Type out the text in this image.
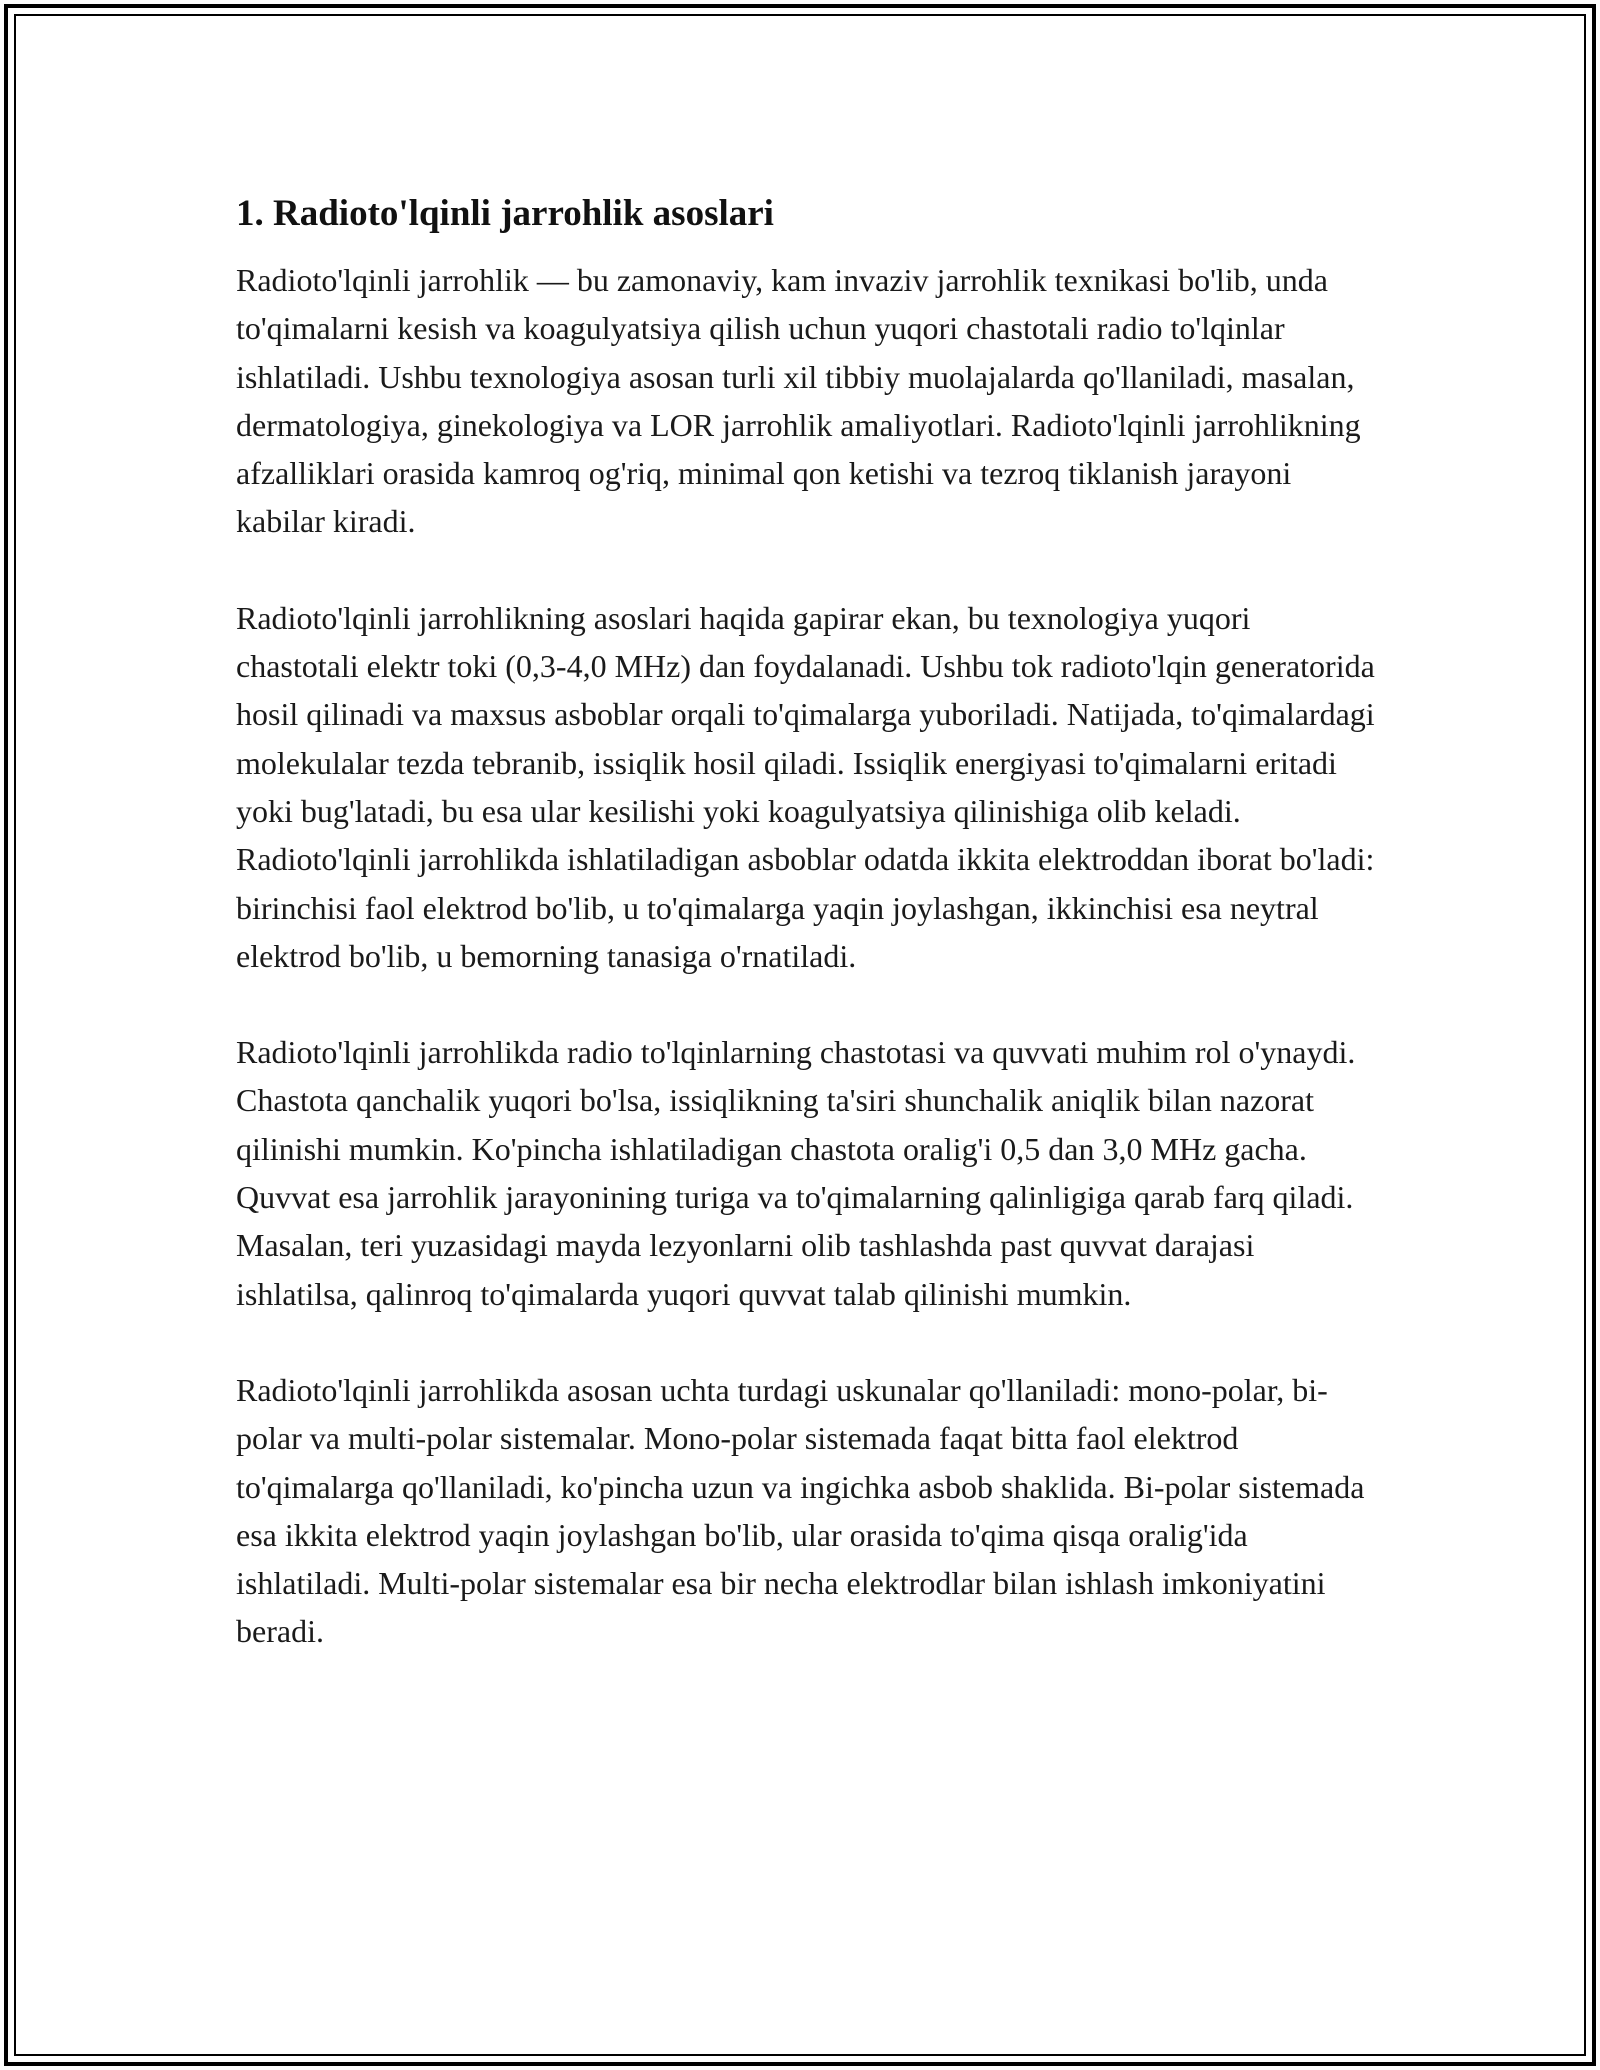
1. Radioto'lqinli jarrohlik asoslari

Radioto'lqinli jarrohlik — bu zamonaviy, kam invaziv jarrohlik texnikasi bo'lib, unda to'qimalarni kesish va koagulyatsiya qilish uchun yuqori chastotali radio to'lqinlar ishlatiladi. Ushbu texnologiya asosan turli xil tibbiy muolajalarda qo'llaniladi, masalan, dermatologiya, ginekologiya va LOR jarrohlik amaliyotlari. Radioto'lqinli jarrohlikning afzalliklari orasida kamroq og'riq, minimal qon ketishi va tezroq tiklanish jarayoni kabilar kiradi.

Radioto'lqinli jarrohlikning asoslari haqida gapirar ekan, bu texnologiya yuqori chastotali elektr toki (0,3-4,0 MHz) dan foydalanadi. Ushbu tok radioto'lqin generatorida hosil qilinadi va maxsus asboblar orqali to'qimalarga yuboriladi. Natijada, to'qimalardagi molekulalar tezda tebranib, issiqlik hosil qiladi. Issiqlik energiyasi to'qimalarni eritadi yoki bug'latadi, bu esa ular kesilishi yoki koagulyatsiya qilinishiga olib keladi. Radioto'lqinli jarrohlikda ishlatiladigan asboblar odatda ikkita elektroddan iborat bo'ladi: birinchisi faol elektrod bo'lib, u to'qimalarga yaqin joylashgan, ikkinchisi esa neytral elektrod bo'lib, u bemorning tanasiga o'rnatiladi.

Radioto'lqinli jarrohlikda radio to'lqinlarning chastotasi va quvvati muhim rol o'ynaydi. Chastota qanchalik yuqori bo'lsa, issiqlikning ta'siri shunchalik aniqlik bilan nazorat qilinishi mumkin. Ko'pincha ishlatiladigan chastota oralig'i 0,5 dan 3,0 MHz gacha. Quvvat esa jarrohlik jarayonining turiga va to'qimalarning qalinligiga qarab farq qiladi. Masalan, teri yuzasidagi mayda lezyonlarni olib tashlashda past quvvat darajasi ishlatilsa, qalinroq to'qimalarda yuqori quvvat talab qilinishi mumkin.

Radioto'lqinli jarrohlikda asosan uchta turdagi uskunalar qo'llaniladi: mono-polar, bi-polar va multi-polar sistemalar. Mono-polar sistemada faqat bitta faol elektrod to'qimalarga qo'llaniladi, ko'pincha uzun va ingichka asbob shaklida. Bi-polar sistemada esa ikkita elektrod yaqin joylashgan bo'lib, ular orasida to'qima qisqa oralig'ida ishlatiladi. Multi-polar sistemalar esa bir necha elektrodlar bilan ishlash imkoniyatini beradi.
